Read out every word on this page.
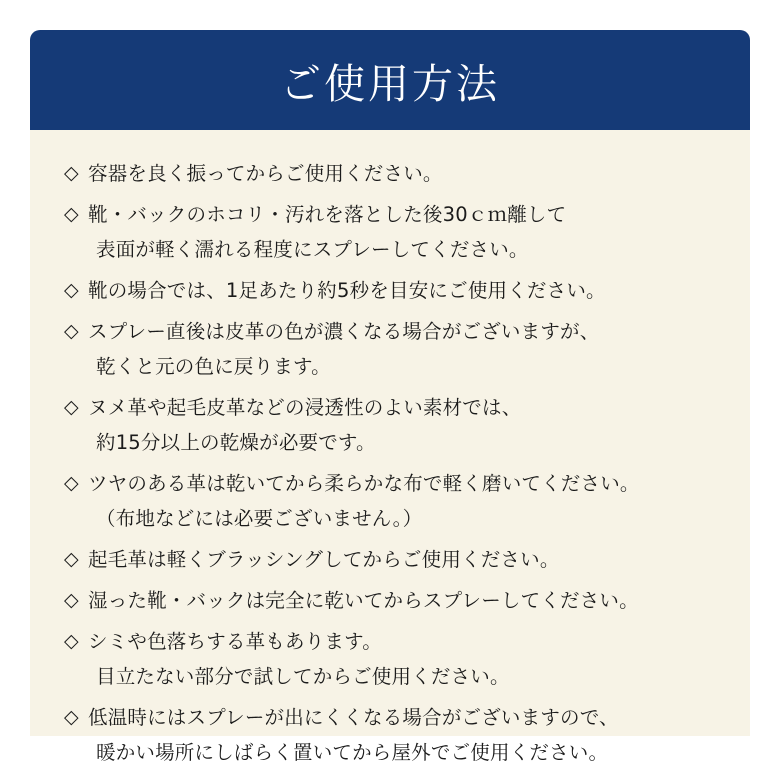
ご使用方法
◇ 容器を良く振ってからご使用ください。
◇ 靴・バックのホコリ・汚れを落とした後30ｃｍ離して
表面が軽く濡れる程度にスプレーしてください。
◇ 靴の場合では、1足あたり約5秒を目安にご使用ください。
◇ スプレー直後は皮革の色が濃くなる場合がございますが、
乾くと元の色に戻ります。
◇ ヌメ革や起毛皮革などの浸透性のよい素材では、
約15分以上の乾燥が必要です。
◇ ツヤのある革は乾いてから柔らかな布で軽く磨いてください。
（布地などには必要ございません。）
◇ 起毛革は軽くブラッシングしてからご使用ください。
◇ 湿った靴・バックは完全に乾いてからスプレーしてください。
◇ シミや色落ちする革もあります。
目立たない部分で試してからご使用ください。
◇ 低温時にはスプレーが出にくくなる場合がございますので、
暖かい場所にしばらく置いてから屋外でご使用ください。
